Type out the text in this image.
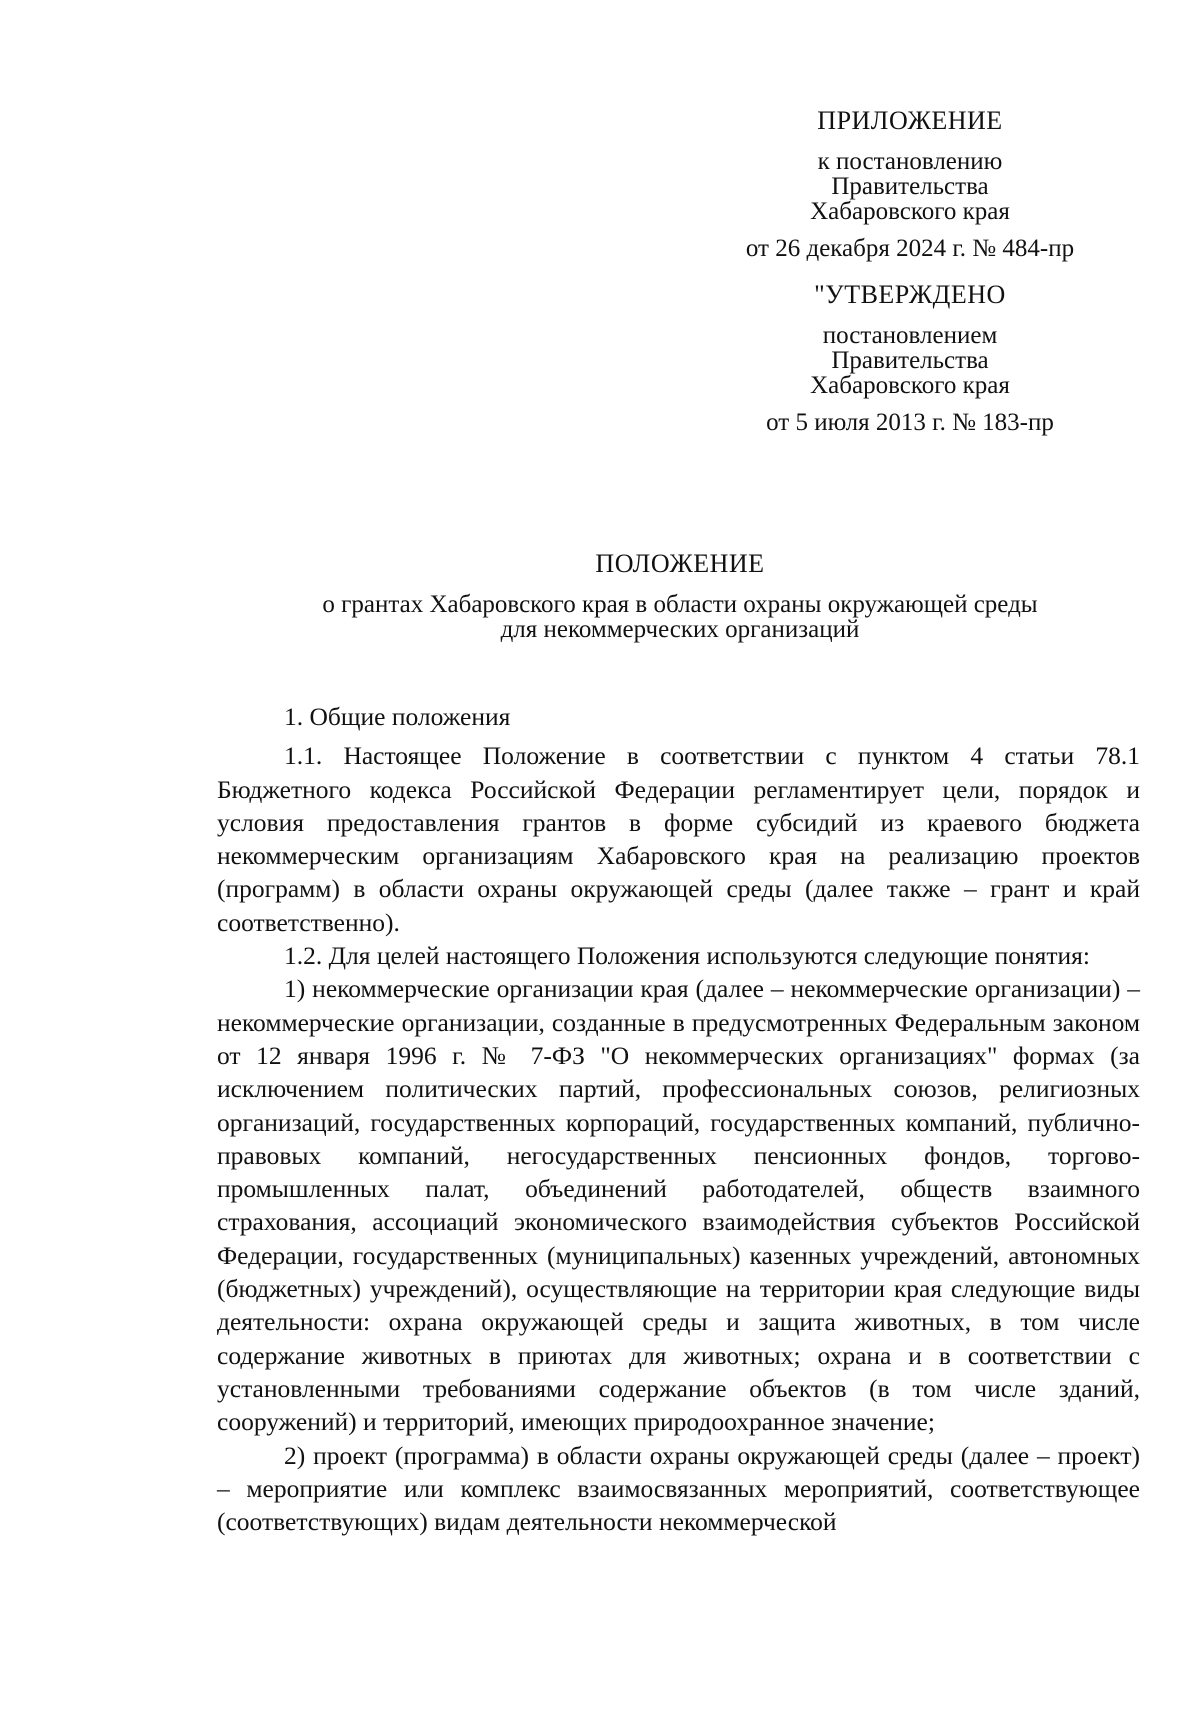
ПРИЛОЖЕНИЕ
к постановлению
Правительства
Хабаровского края
от 26 декабря 2024 г. № 484-пр
"УТВЕРЖДЕНО
постановлением
Правительства
Хабаровского края
от 5 июля 2013 г. № 183-пр
ПОЛОЖЕНИЕ
о грантах Хабаровского края в области охраны окружающей среды
для некоммерческих организаций

1. Общие положения

1.1. Настоящее Положение в соответствии с пунктом 4 статьи 78.1 Бюджетного кодекса Российской Федерации регламентирует цели, порядок и условия предоставления грантов в форме субсидий из краевого бюджета некоммерческим организациям Хабаровского края на реализацию проектов (программ) в области охраны окружающей среды (далее также – грант и край соответственно).

1.2. Для целей настоящего Положения используются следующие понятия:

1) некоммерческие организации края (далее – некоммерческие организации) – некоммерческие организации, созданные в предусмотренных Федеральным законом от 12 января 1996 г. № 7-ФЗ "О некоммерческих организациях" формах (за исключением политических партий, профессиональных союзов, религиозных организаций, государственных корпораций, государственных компаний, публично-правовых компаний, негосударственных пенсионных фондов, торгово-промышленных палат, объединений работодателей, обществ взаимного страхования, ассоциаций экономического взаимодействия субъектов Российской Федерации, государственных (муниципальных) казенных учреждений, автономных (бюджетных) учреждений), осуществляющие на территории края следующие виды деятельности: охрана окружающей среды и защита животных, в том числе содержание животных в приютах для животных; охрана и в соответствии с установленными требованиями содержание объектов (в том числе зданий, сооружений) и территорий, имеющих природоохранное значение;

2) проект (программа) в области охраны окружающей среды (далее – проект) – мероприятие или комплекс взаимосвязанных мероприятий, соответствующее (соответствующих) видам деятельности некоммерческой
